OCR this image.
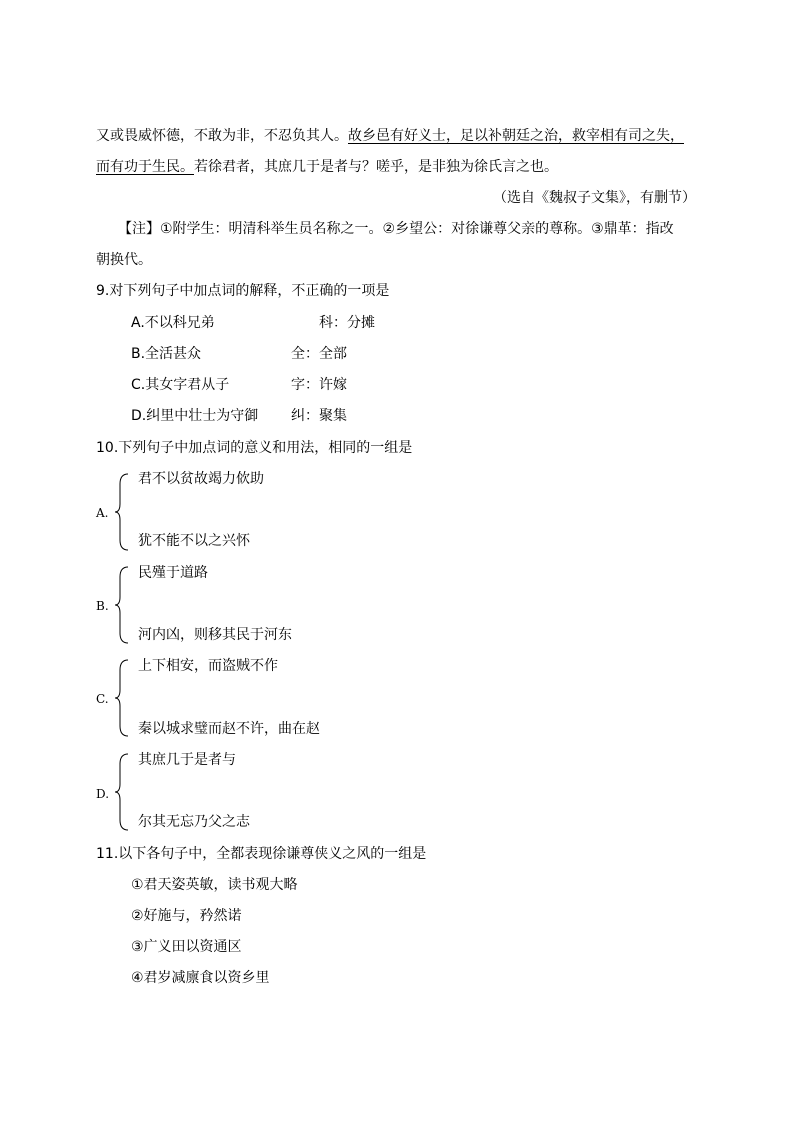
又或畏威怀德，不敢为非，不忍负其人。故乡邑有好义士，足以补朝廷之治，救宰相有司之失，
而有功于生民。若徐君者，其庶几于是者与？嗟乎，是非独为徐氏言之也。
（选自《魏叔子文集》，有删节）
【注】①附学生：明清科举生员名称之一。②乡望公：对徐谦尊父亲的尊称。③鼎革：指改
朝换代。
9.对下列句子中加点词的解释，不正确的一项是
A.不以科兄弟	科：分摊
B.全活甚众	全：全部
C.其女字君从子	字：许嫁
D.纠里中壮士为守御 纠：聚集
10.下列句子中加点词的意义和用法，相同的一组是
A.
君不以贫故竭力佽助
犹不能不以之兴怀
B.
民殣于道路
河内凶，则移其民于河东
C.
上下相安，而盗贼不作
秦以城求璧而赵不许，曲在赵
D.
其庶几于是者与
尔其无忘乃父之志
11.以下各句子中，全都表现徐谦尊侠义之风的一组是
①君天姿英敏，读书观大略
②好施与，矜然诺
③广义田以资通区
④君岁减廪食以资乡里
